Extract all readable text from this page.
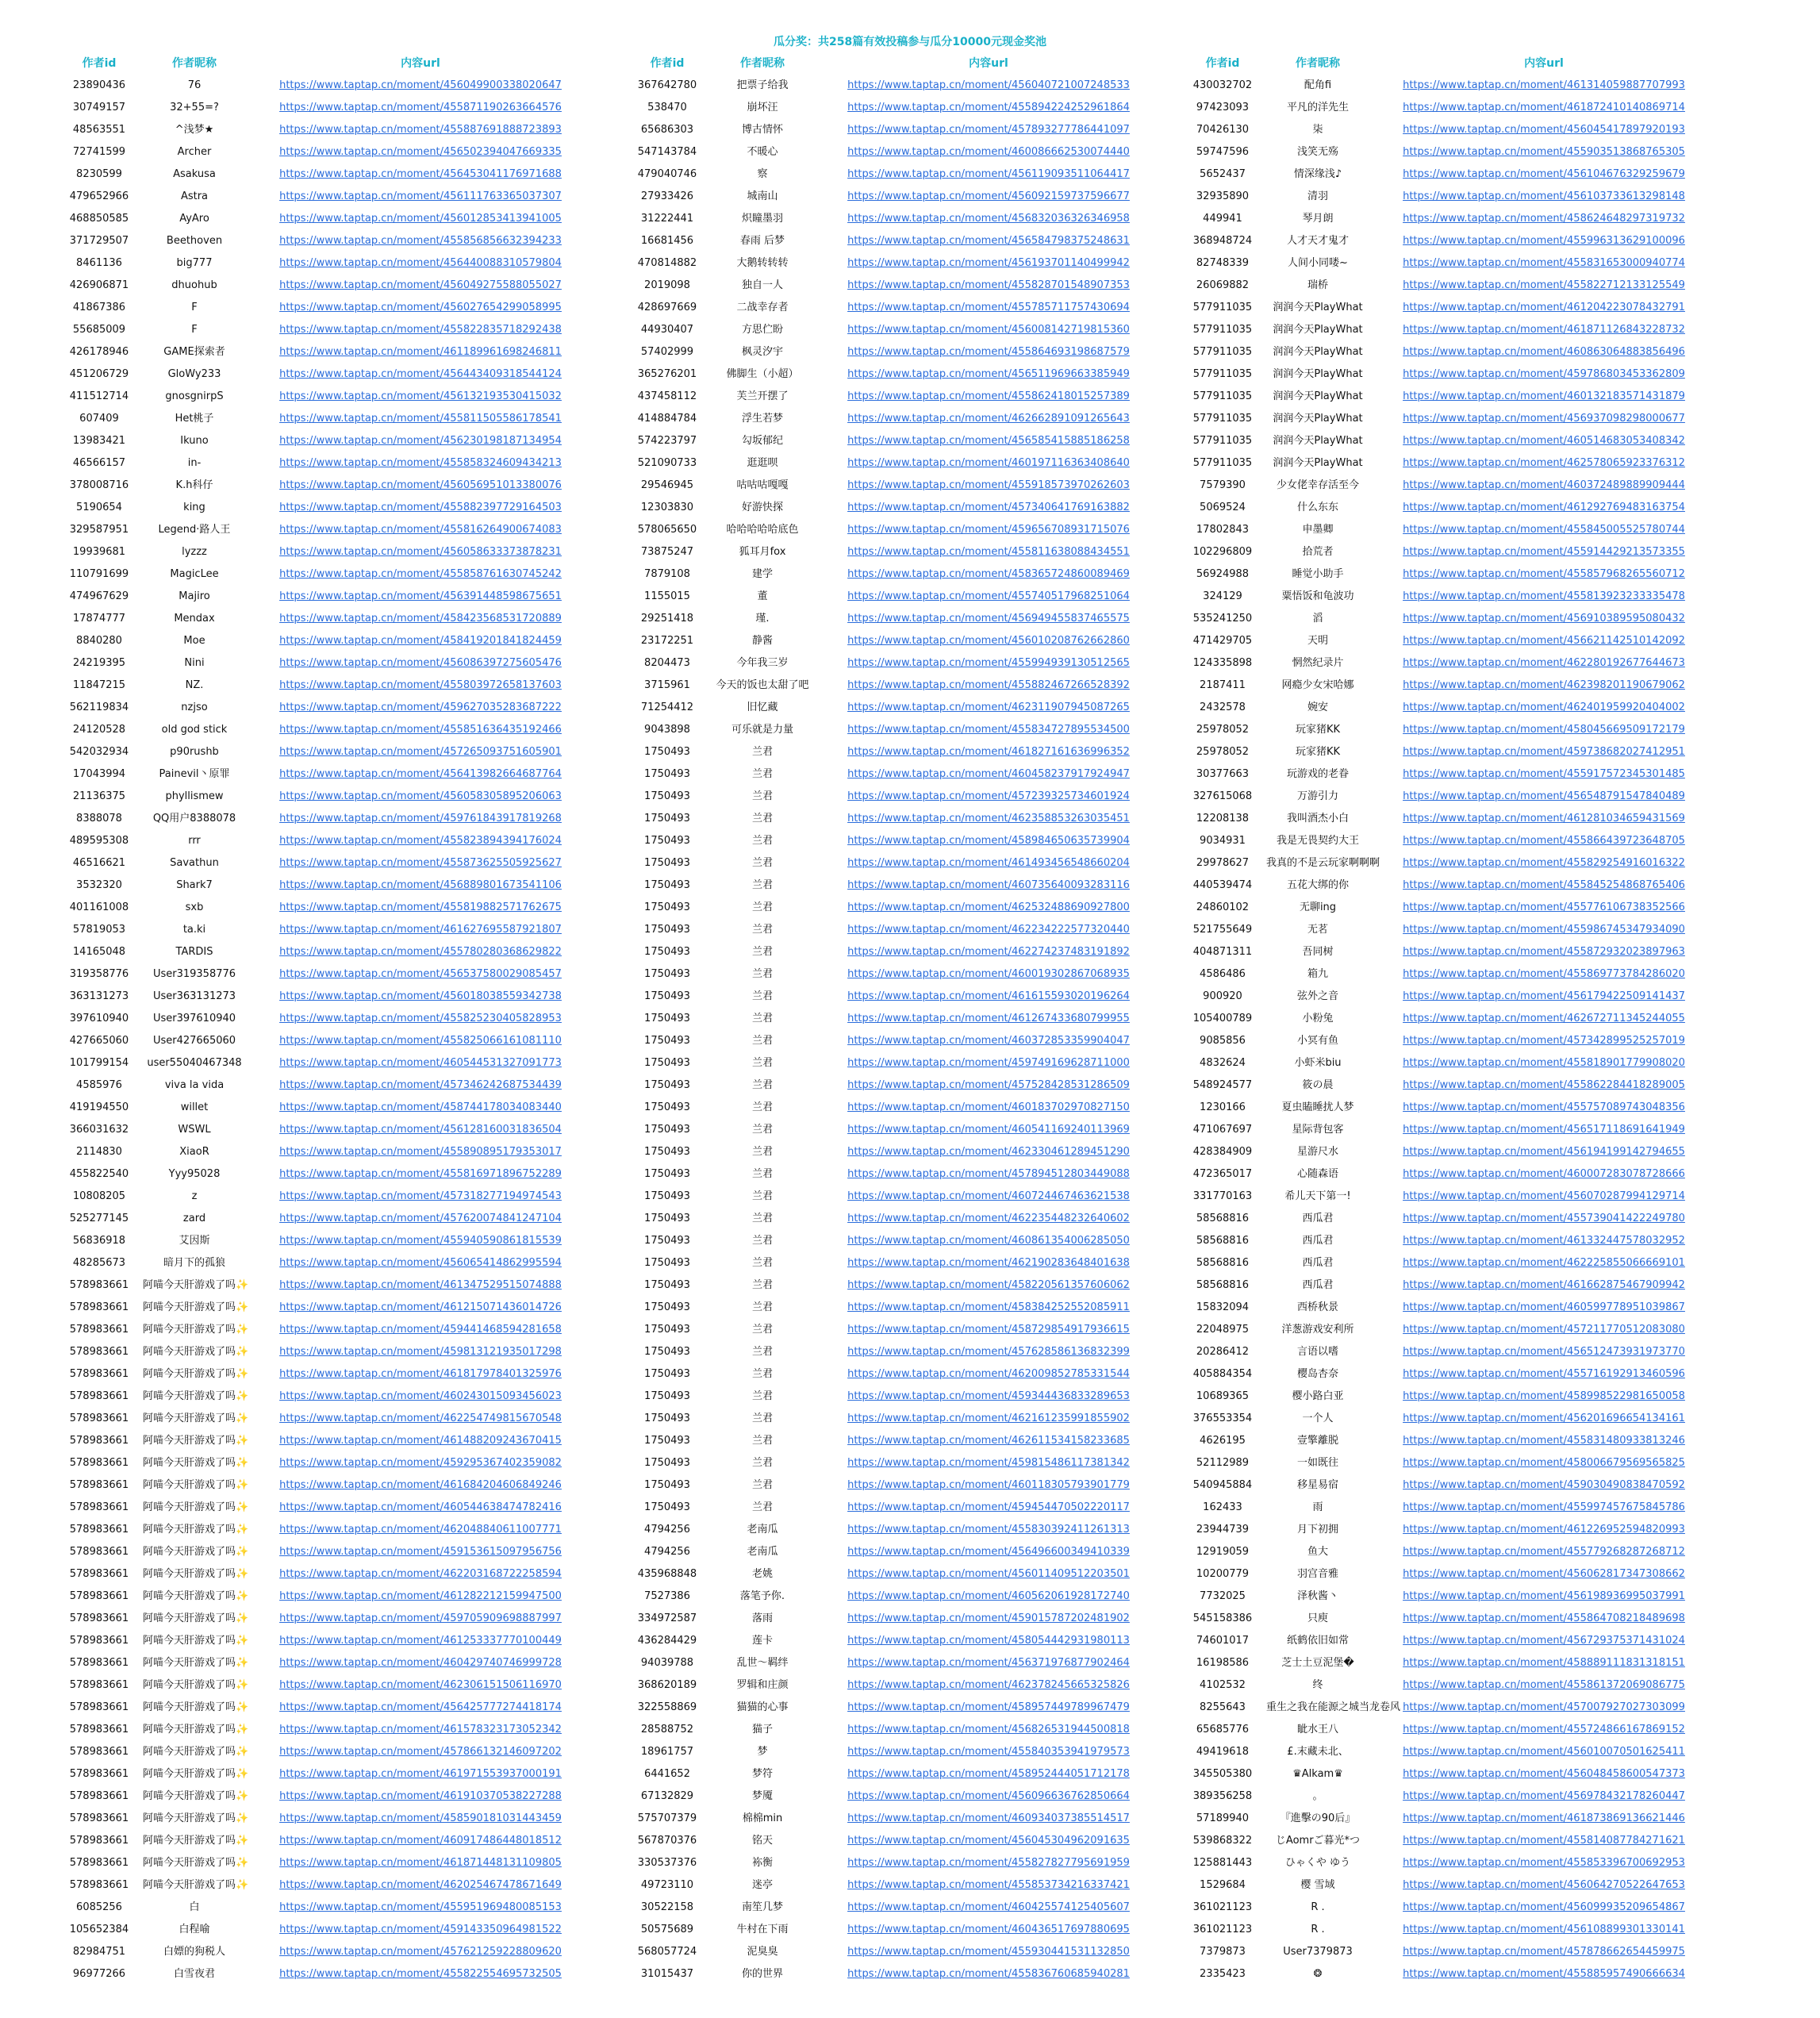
瓜分奖：共258篇有效投稿参与瓜分10000元现金奖池
作者id	作者昵称	内容url
23890436	76	https://www.taptap.cn/moment/456049900338020647
30749157	32+55=?	https://www.taptap.cn/moment/455871190263664576
48563551	^浅梦★	https://www.taptap.cn/moment/455887691888723893
72741599	Archer	https://www.taptap.cn/moment/456502394047669335
8230599	Asakusa	https://www.taptap.cn/moment/456453041176971688
479652966	Astra	https://www.taptap.cn/moment/456111763365037307
468850585	AyAro	https://www.taptap.cn/moment/456012853413941005
371729507	Beethoven	https://www.taptap.cn/moment/455856856632394233
8461136	big777	https://www.taptap.cn/moment/456440088310579804
426906871	dhuohub	https://www.taptap.cn/moment/456049275588055027
41867386	F	https://www.taptap.cn/moment/456027654299058995
55685009	F	https://www.taptap.cn/moment/455822835718292438
426178946	GAME探索者	https://www.taptap.cn/moment/461189961698246811
451206729	GloWy233	https://www.taptap.cn/moment/456443409318544124
411512714	gnosgnirpS	https://www.taptap.cn/moment/456132193530415032
607409	Het桃子	https://www.taptap.cn/moment/455811505586178541
13983421	Ikuno	https://www.taptap.cn/moment/456230198187134954
46566157	in-	https://www.taptap.cn/moment/455858324609434213
378008716	K.h科仔	https://www.taptap.cn/moment/456056951013380076
5190654	king	https://www.taptap.cn/moment/455882397729164503
329587951	Legend·路人王	https://www.taptap.cn/moment/455816264900674083
19939681	lyzzz	https://www.taptap.cn/moment/456058633373878231
110791699	MagicLee	https://www.taptap.cn/moment/455858761630745242
474967629	Majiro	https://www.taptap.cn/moment/456391448598675651
17874777	Mendax	https://www.taptap.cn/moment/458423568531720889
8840280	Moe	https://www.taptap.cn/moment/458419201841824459
24219395	Nini	https://www.taptap.cn/moment/456086397275605476
11847215	NZ.	https://www.taptap.cn/moment/455803972658137603
562119834	nzjso	https://www.taptap.cn/moment/459627035283687222
24120528	old god stick	https://www.taptap.cn/moment/455851636435192466
542032934	p90rushb	https://www.taptap.cn/moment/457265093751605901
17043994	Painevil丶原罪	https://www.taptap.cn/moment/456413982664687764
21136375	phyllismew	https://www.taptap.cn/moment/456058305895206063
8388078	QQ用户8388078	https://www.taptap.cn/moment/459761843917819268
489595308	rrr	https://www.taptap.cn/moment/455823894394176024
46516621	Savathun	https://www.taptap.cn/moment/455873625505925627
3532320	Shark7	https://www.taptap.cn/moment/456889801673541106
401161008	sxb	https://www.taptap.cn/moment/455819882571762675
57819053	ta.ki	https://www.taptap.cn/moment/461627695587921807
14165048	TARDIS	https://www.taptap.cn/moment/455780280368629822
319358776	User319358776	https://www.taptap.cn/moment/456537580029085457
363131273	User363131273	https://www.taptap.cn/moment/456018038559342738
397610940	User397610940	https://www.taptap.cn/moment/455825230405828953
427665060	User427665060	https://www.taptap.cn/moment/455825066161081110
101799154	user55040467348	https://www.taptap.cn/moment/460544531327091773
4585976	viva la vida	https://www.taptap.cn/moment/457346242687534439
419194550	willet	https://www.taptap.cn/moment/458744178034083440
366031632	WSWL	https://www.taptap.cn/moment/456128160031836504
2114830	XiaoR	https://www.taptap.cn/moment/455890895179353017
455822540	Yyy95028	https://www.taptap.cn/moment/455816971896752289
10808205	z	https://www.taptap.cn/moment/457318277194974543
525277145	zard	https://www.taptap.cn/moment/457620074841247104
56836918	艾因斯	https://www.taptap.cn/moment/455940590861815539
48285673	暗月下的孤狼	https://www.taptap.cn/moment/456065414862995594
578983661	阿喵今天肝游戏了吗✨	https://www.taptap.cn/moment/461347529515074888
578983661	阿喵今天肝游戏了吗✨	https://www.taptap.cn/moment/461215071436014726
578983661	阿喵今天肝游戏了吗✨	https://www.taptap.cn/moment/459441468594281658
578983661	阿喵今天肝游戏了吗✨	https://www.taptap.cn/moment/459813121935017298
578983661	阿喵今天肝游戏了吗✨	https://www.taptap.cn/moment/461817978401325976
578983661	阿喵今天肝游戏了吗✨	https://www.taptap.cn/moment/460243015093456023
578983661	阿喵今天肝游戏了吗✨	https://www.taptap.cn/moment/462254749815670548
578983661	阿喵今天肝游戏了吗✨	https://www.taptap.cn/moment/461488209243670415
578983661	阿喵今天肝游戏了吗✨	https://www.taptap.cn/moment/459295367402359082
578983661	阿喵今天肝游戏了吗✨	https://www.taptap.cn/moment/461684204606849246
578983661	阿喵今天肝游戏了吗✨	https://www.taptap.cn/moment/460544638474782416
578983661	阿喵今天肝游戏了吗✨	https://www.taptap.cn/moment/462048840611007771
578983661	阿喵今天肝游戏了吗✨	https://www.taptap.cn/moment/459153615097956756
578983661	阿喵今天肝游戏了吗✨	https://www.taptap.cn/moment/462203168722258594
578983661	阿喵今天肝游戏了吗✨	https://www.taptap.cn/moment/461282212159947500
578983661	阿喵今天肝游戏了吗✨	https://www.taptap.cn/moment/459705909698887997
578983661	阿喵今天肝游戏了吗✨	https://www.taptap.cn/moment/461253337770100449
578983661	阿喵今天肝游戏了吗✨	https://www.taptap.cn/moment/460429740746999728
578983661	阿喵今天肝游戏了吗✨	https://www.taptap.cn/moment/462306151506116970
578983661	阿喵今天肝游戏了吗✨	https://www.taptap.cn/moment/456425777274418174
578983661	阿喵今天肝游戏了吗✨	https://www.taptap.cn/moment/461578323173052342
578983661	阿喵今天肝游戏了吗✨	https://www.taptap.cn/moment/457866132146097202
578983661	阿喵今天肝游戏了吗✨	https://www.taptap.cn/moment/461971553937000191
578983661	阿喵今天肝游戏了吗✨	https://www.taptap.cn/moment/461910370538227288
578983661	阿喵今天肝游戏了吗✨	https://www.taptap.cn/moment/458590181031443459
578983661	阿喵今天肝游戏了吗✨	https://www.taptap.cn/moment/460917486448018512
578983661	阿喵今天肝游戏了吗✨	https://www.taptap.cn/moment/461871448131109805
578983661	阿喵今天肝游戏了吗✨	https://www.taptap.cn/moment/462025467478671649
6085256	白	https://www.taptap.cn/moment/455951969480085153
105652384	白程喻	https://www.taptap.cn/moment/459143350964981522
82984751	白嫖的狗税人	https://www.taptap.cn/moment/457621259228809620
96977266	白雪夜君	https://www.taptap.cn/moment/455822554695732505
作者id	作者昵称	内容url
367642780	把票子给我	https://www.taptap.cn/moment/456040721007248533
538470	崩坏汪	https://www.taptap.cn/moment/455894224252961864
65686303	博古情怀	https://www.taptap.cn/moment/457893277786441097
547143784	不暖心	https://www.taptap.cn/moment/460086662530074440
479040746	察	https://www.taptap.cn/moment/456119093511064417
27933426	城南山	https://www.taptap.cn/moment/456092159737596677
31222441	炽瞳墨羽	https://www.taptap.cn/moment/456832036326346958
16681456	春雨 后梦	https://www.taptap.cn/moment/456584798375248631
470814882	大鹅转转转	https://www.taptap.cn/moment/456193701140499942
2019098	独自一人	https://www.taptap.cn/moment/455828701548907353
428697669	二战幸存者	https://www.taptap.cn/moment/455785711757430694
44930407	方思伫盼	https://www.taptap.cn/moment/456008142719815360
57402999	枫灵汐宇	https://www.taptap.cn/moment/455864693198687579
365276201	佛脚生（小超）	https://www.taptap.cn/moment/456511969663385949
437458112	芙兰开摆了	https://www.taptap.cn/moment/455862418015257389
414884784	浮生若梦	https://www.taptap.cn/moment/462662891091265643
574223797	勾坂郁纪	https://www.taptap.cn/moment/456585415885186258
521090733	逛逛呗	https://www.taptap.cn/moment/460197116363408640
29546945	咕咕咕嘎嘎	https://www.taptap.cn/moment/455918573970262603
12303830	好游快探	https://www.taptap.cn/moment/457340641769163882
578065650	哈哈哈哈哈底色	https://www.taptap.cn/moment/459656708931715076
73875247	狐耳月fox	https://www.taptap.cn/moment/455811638088434551
7879108	建学	https://www.taptap.cn/moment/458365724860089469
1155015	董	https://www.taptap.cn/moment/455740517968251064
29251418	瑾.	https://www.taptap.cn/moment/456949455837465575
23172251	静酱	https://www.taptap.cn/moment/456010208762662860
8204473	今年我三岁	https://www.taptap.cn/moment/455994939130512565
3715961	今天的饭也太甜了吧	https://www.taptap.cn/moment/455882467266528392
71254412	旧忆藏	https://www.taptap.cn/moment/462311907945087265
9043898	可乐就是力量	https://www.taptap.cn/moment/455834727895534500
1750493	兰君	https://www.taptap.cn/moment/461827161636996352
1750493	兰君	https://www.taptap.cn/moment/460458237917924947
1750493	兰君	https://www.taptap.cn/moment/457239325734601924
1750493	兰君	https://www.taptap.cn/moment/462358853263035451
1750493	兰君	https://www.taptap.cn/moment/458984650635739904
1750493	兰君	https://www.taptap.cn/moment/461493456548660204
1750493	兰君	https://www.taptap.cn/moment/460735640093283116
1750493	兰君	https://www.taptap.cn/moment/462532488690927800
1750493	兰君	https://www.taptap.cn/moment/462234222577320440
1750493	兰君	https://www.taptap.cn/moment/462274237483191892
1750493	兰君	https://www.taptap.cn/moment/460019302867068935
1750493	兰君	https://www.taptap.cn/moment/461615593020196264
1750493	兰君	https://www.taptap.cn/moment/461267433680799955
1750493	兰君	https://www.taptap.cn/moment/460372853359904047
1750493	兰君	https://www.taptap.cn/moment/459749169628711000
1750493	兰君	https://www.taptap.cn/moment/457528428531286509
1750493	兰君	https://www.taptap.cn/moment/460183702970827150
1750493	兰君	https://www.taptap.cn/moment/460541169240113969
1750493	兰君	https://www.taptap.cn/moment/462330461289451290
1750493	兰君	https://www.taptap.cn/moment/457894512803449088
1750493	兰君	https://www.taptap.cn/moment/460724467463621538
1750493	兰君	https://www.taptap.cn/moment/462235448232640602
1750493	兰君	https://www.taptap.cn/moment/460861354006285050
1750493	兰君	https://www.taptap.cn/moment/462190283648401638
1750493	兰君	https://www.taptap.cn/moment/458220561357606062
1750493	兰君	https://www.taptap.cn/moment/458384252552085911
1750493	兰君	https://www.taptap.cn/moment/458729854917936615
1750493	兰君	https://www.taptap.cn/moment/457628586136832399
1750493	兰君	https://www.taptap.cn/moment/462009852785331544
1750493	兰君	https://www.taptap.cn/moment/459344436833289653
1750493	兰君	https://www.taptap.cn/moment/462161235991855902
1750493	兰君	https://www.taptap.cn/moment/462611534158233685
1750493	兰君	https://www.taptap.cn/moment/459815486117381342
1750493	兰君	https://www.taptap.cn/moment/460118305793901779
1750493	兰君	https://www.taptap.cn/moment/459454470502220117
4794256	老南瓜	https://www.taptap.cn/moment/455830392411261313
4794256	老南瓜	https://www.taptap.cn/moment/456496600349410339
435968848	老姚	https://www.taptap.cn/moment/456011409512203501
7527386	落笔予你.	https://www.taptap.cn/moment/460562061928172740
334972587	落雨	https://www.taptap.cn/moment/459015787202481902
436284429	莲卡	https://www.taptap.cn/moment/458054442931980113
94039788	乱世～羁绊	https://www.taptap.cn/moment/456371976877902464
368620189	罗辑和庄颜	https://www.taptap.cn/moment/462378245665325826
322558869	猫猫的心事	https://www.taptap.cn/moment/458957449789967479
28588752	猫子	https://www.taptap.cn/moment/456826531944500818
18961757	梦	https://www.taptap.cn/moment/455840353941979573
6441652	梦符	https://www.taptap.cn/moment/458952444051712178
67132829	梦魇	https://www.taptap.cn/moment/456096636762850664
575707379	棉棉min	https://www.taptap.cn/moment/460934037385514517
567870376	铭天	https://www.taptap.cn/moment/456045304962091635
330537376	袮衡	https://www.taptap.cn/moment/455827827795691959
49723110	迷亭	https://www.taptap.cn/moment/455853734216337421
30522158	南笙几梦	https://www.taptap.cn/moment/460425574125405607
50575689	牛村在下雨	https://www.taptap.cn/moment/460436517697880695
568057724	泥臭臭	https://www.taptap.cn/moment/455930441531132850
31015437	你的世界	https://www.taptap.cn/moment/455836760685940281
作者id	作者昵称	内容url
430032702	配角fi	https://www.taptap.cn/moment/461314059887707993
97423093	平凡的洋先生	https://www.taptap.cn/moment/461872410140869714
70426130	柒	https://www.taptap.cn/moment/456045417897920193
59747596	浅笑无殇	https://www.taptap.cn/moment/455903513868765305
5652437	情深缘浅♪	https://www.taptap.cn/moment/456104676329259679
32935890	清羽	https://www.taptap.cn/moment/456103733613298148
449941	琴月朗	https://www.taptap.cn/moment/458624648297319732
368948724	人才天才鬼才	https://www.taptap.cn/moment/455996313629100096
82748339	人间小同喽~	https://www.taptap.cn/moment/455831653000940774
26069882	瑞桥	https://www.taptap.cn/moment/455822712133125549
577911035	润润今天PlayWhat	https://www.taptap.cn/moment/461204223078432791
577911035	润润今天PlayWhat	https://www.taptap.cn/moment/461871126843228732
577911035	润润今天PlayWhat	https://www.taptap.cn/moment/460863064883856496
577911035	润润今天PlayWhat	https://www.taptap.cn/moment/459786803453362809
577911035	润润今天PlayWhat	https://www.taptap.cn/moment/460132183571431879
577911035	润润今天PlayWhat	https://www.taptap.cn/moment/456937098298000677
577911035	润润今天PlayWhat	https://www.taptap.cn/moment/460514683053408342
577911035	润润今天PlayWhat	https://www.taptap.cn/moment/462578065923376312
7579390	少女佬幸存活至今	https://www.taptap.cn/moment/460372489889909444
5069524	什么东东	https://www.taptap.cn/moment/461292769483163754
17802843	申墨卿	https://www.taptap.cn/moment/455845005525780744
102296809	拾荒者	https://www.taptap.cn/moment/455914429213573355
56924988	睡觉小助手	https://www.taptap.cn/moment/455857968265560712
324129	粟悟饭和龟波功	https://www.taptap.cn/moment/455813923233335478
535241250	滔	https://www.taptap.cn/moment/456910389595080432
471429705	天明	https://www.taptap.cn/moment/456621142510142092
124335898	惘然纪录片	https://www.taptap.cn/moment/462280192677644673
2187411	网瘾少女宋哈娜	https://www.taptap.cn/moment/462398201190679062
2432578	婉安	https://www.taptap.cn/moment/462401959920404002
25978052	玩家猪KK	https://www.taptap.cn/moment/458045669509172179
25978052	玩家猪KK	https://www.taptap.cn/moment/459738682027412951
30377663	玩游戏的老眷	https://www.taptap.cn/moment/455917572345301485
327615068	万游引力	https://www.taptap.cn/moment/456548791547840489
12208138	我叫酒杰小白	https://www.taptap.cn/moment/461281034659431569
9034931	我是无畏契约大王	https://www.taptap.cn/moment/455866439723648705
29978627	我真的不是云玩家啊啊啊	https://www.taptap.cn/moment/455829254916016322
440539474	五花大绑的你	https://www.taptap.cn/moment/455845254868765406
24860102	无聊ing	https://www.taptap.cn/moment/455776106738352566
521755649	无茗	https://www.taptap.cn/moment/455986745347934090
404871311	吾同树	https://www.taptap.cn/moment/455872932023897963
4586486	箱九	https://www.taptap.cn/moment/455869773784286020
900920	弦外之音	https://www.taptap.cn/moment/456179422509141437
105400789	小粉兔	https://www.taptap.cn/moment/462672711345244055
9085856	小冥有鱼	https://www.taptap.cn/moment/457342899525257019
4832624	小虾米biu	https://www.taptap.cn/moment/455818901779908020
548924577	筱の晨	https://www.taptap.cn/moment/455862284418289005
1230166	夏虫瞌睡扰人梦	https://www.taptap.cn/moment/455757089743048356
471067697	星际背包客	https://www.taptap.cn/moment/456517118691641949
428384909	星游尺水	https://www.taptap.cn/moment/456194199142794655
472365017	心随森语	https://www.taptap.cn/moment/460007283078728666
331770163	希儿天下第一!	https://www.taptap.cn/moment/456070287994129714
58568816	西瓜君	https://www.taptap.cn/moment/455739041422249780
58568816	西瓜君	https://www.taptap.cn/moment/461332447578032952
58568816	西瓜君	https://www.taptap.cn/moment/462225855066669101
58568816	西瓜君	https://www.taptap.cn/moment/461662875467909942
15832094	西桥秋景	https://www.taptap.cn/moment/460599778951039867
22048975	洋葱游戏安利所	https://www.taptap.cn/moment/457211770512083080
20286412	言语以嗜	https://www.taptap.cn/moment/456512473931973770
405884354	樱岛杏奈	https://www.taptap.cn/moment/455716192913460596
10689365	樱小路白亚	https://www.taptap.cn/moment/458998522981650058
376553354	一个人	https://www.taptap.cn/moment/456201696654134161
4626195	壹擎離脱	https://www.taptap.cn/moment/455831480933813246
52112989	一如既往	https://www.taptap.cn/moment/458006679569565825
540945884	移星易宿	https://www.taptap.cn/moment/459030490838470592
162433	雨	https://www.taptap.cn/moment/455997457675845786
23944739	月下初拥	https://www.taptap.cn/moment/461226952594820993
12919059	鱼大	https://www.taptap.cn/moment/455779268287268712
10200779	羽宫音雅	https://www.taptap.cn/moment/456062817347308662
7732025	泽秋酱丶	https://www.taptap.cn/moment/456198936995037991
545158386	只庾	https://www.taptap.cn/moment/455864708218489698
74601017	纸鹤依旧如常	https://www.taptap.cn/moment/456729375371431024
16198586	芝士土豆泥堡�	https://www.taptap.cn/moment/458889111831318151
4102532	终	https://www.taptap.cn/moment/455861372069086775
8255643	重生之我在能源之城当龙卷风 https://www.taptap.cn/moment/457007927027303099
65685776	眦水王八	https://www.taptap.cn/moment/455724866167869152
49419618	£.末藏未北、	https://www.taptap.cn/moment/456010070501625411
345505380	♛Alkam♛	https://www.taptap.cn/moment/456048458600547373
389356258	。	https://www.taptap.cn/moment/456978432178260447
57189940	『進擊の90后』	https://www.taptap.cn/moment/461873869136621446
539868322	じAomrご暮光*つ	https://www.taptap.cn/moment/455814087784271621
125881443	ひゃくや ゆう	https://www.taptap.cn/moment/455853396700692953
1529684	樱 雪域	https://www.taptap.cn/moment/456064270522647653
361021123	R .	https://www.taptap.cn/moment/456099935209654867
361021123	R .	https://www.taptap.cn/moment/456108899301330141
7379873	User7379873	https://www.taptap.cn/moment/457878662654459975
2335423	❂	https://www.taptap.cn/moment/455885957490666634
